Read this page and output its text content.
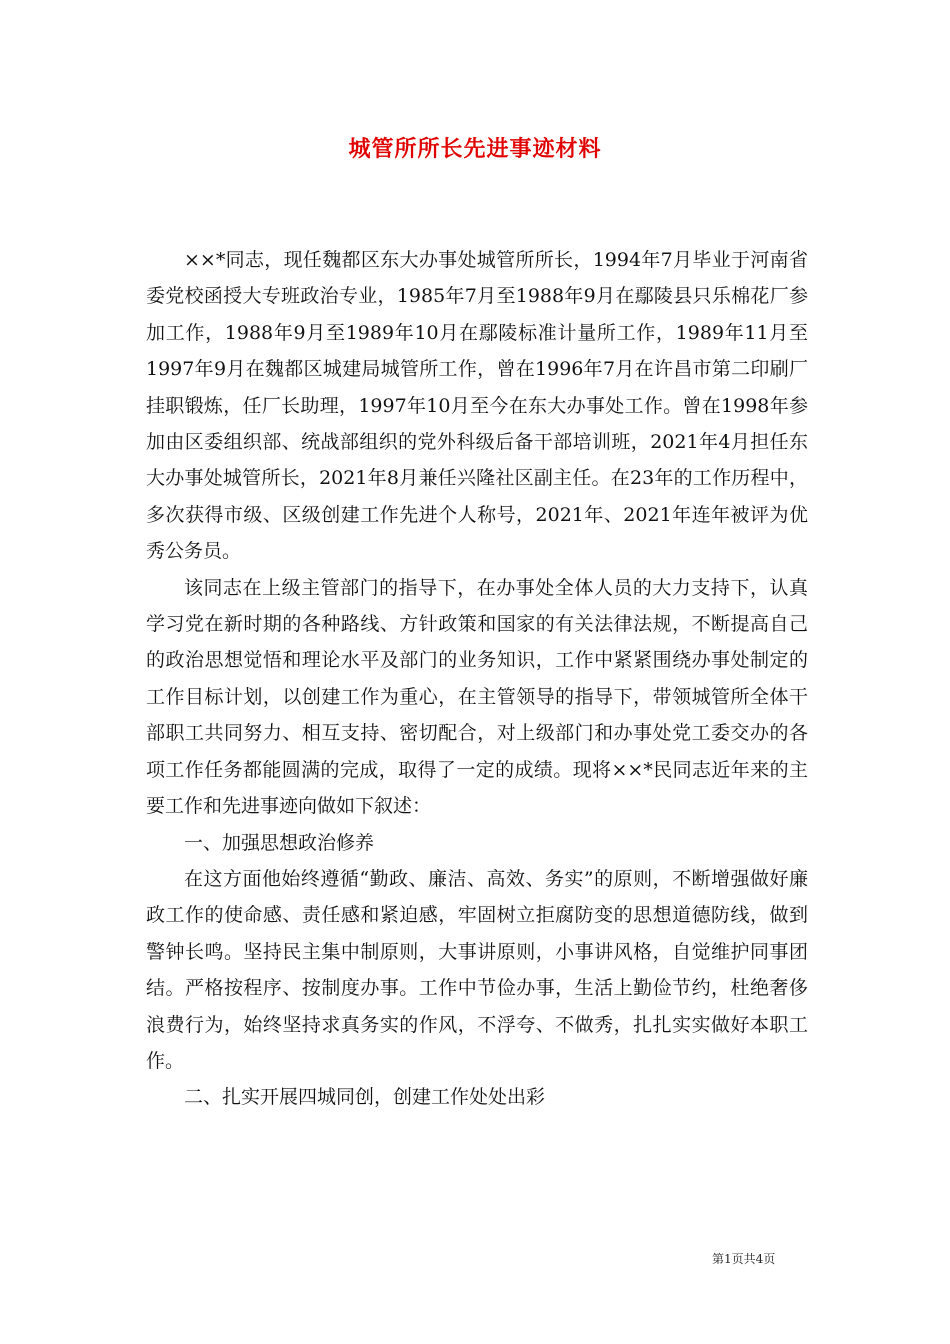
城管所所长先进事迹材料

××*同志，现任魏都区东大办事处城管所所长，1994年7月毕业于河南省委党校函授大专班政治专业，1985年7月至1988年9月在鄢陵县只乐棉花厂参加工作，1988年9月至1989年10月在鄢陵标准计量所工作，1989年11月至1997年9月在魏都区城建局城管所工作，曾在1996年7月在许昌市第二印刷厂挂职锻炼，任厂长助理，1997年10月至今在东大办事处工作。曾在1998年参加由区委组织部、统战部组织的党外科级后备干部培训班，2021年4月担任东大办事处城管所长，2021年8月兼任兴隆社区副主任。在23年的工作历程中，多次获得市级、区级创建工作先进个人称号，2021年、2021年连年被评为优秀公务员。

该同志在上级主管部门的指导下，在办事处全体人员的大力支持下，认真学习党在新时期的各种路线、方针政策和国家的有关法律法规，不断提高自己的政治思想觉悟和理论水平及部门的业务知识，工作中紧紧围绕办事处制定的工作目标计划，以创建工作为重心，在主管领导的指导下，带领城管所全体干部职工共同努力、相互支持、密切配合，对上级部门和办事处党工委交办的各项工作任务都能圆满的完成，取得了一定的成绩。现将××*民同志近年来的主要工作和先进事迹向做如下叙述：

一、加强思想政治修养

在这方面他始终遵循“勤政、廉洁、高效、务实”的原则，不断增强做好廉政工作的使命感、责任感和紧迫感，牢固树立拒腐防变的思想道德防线，做到警钟长鸣。坚持民主集中制原则，大事讲原则，小事讲风格，自觉维护同事团结。严格按程序、按制度办事。工作中节俭办事，生活上勤俭节约，杜绝奢侈浪费行为，始终坚持求真务实的作风，不浮夸、不做秀，扎扎实实做好本职工作。

二、扎实开展四城同创，创建工作处处出彩

第1页共4页
